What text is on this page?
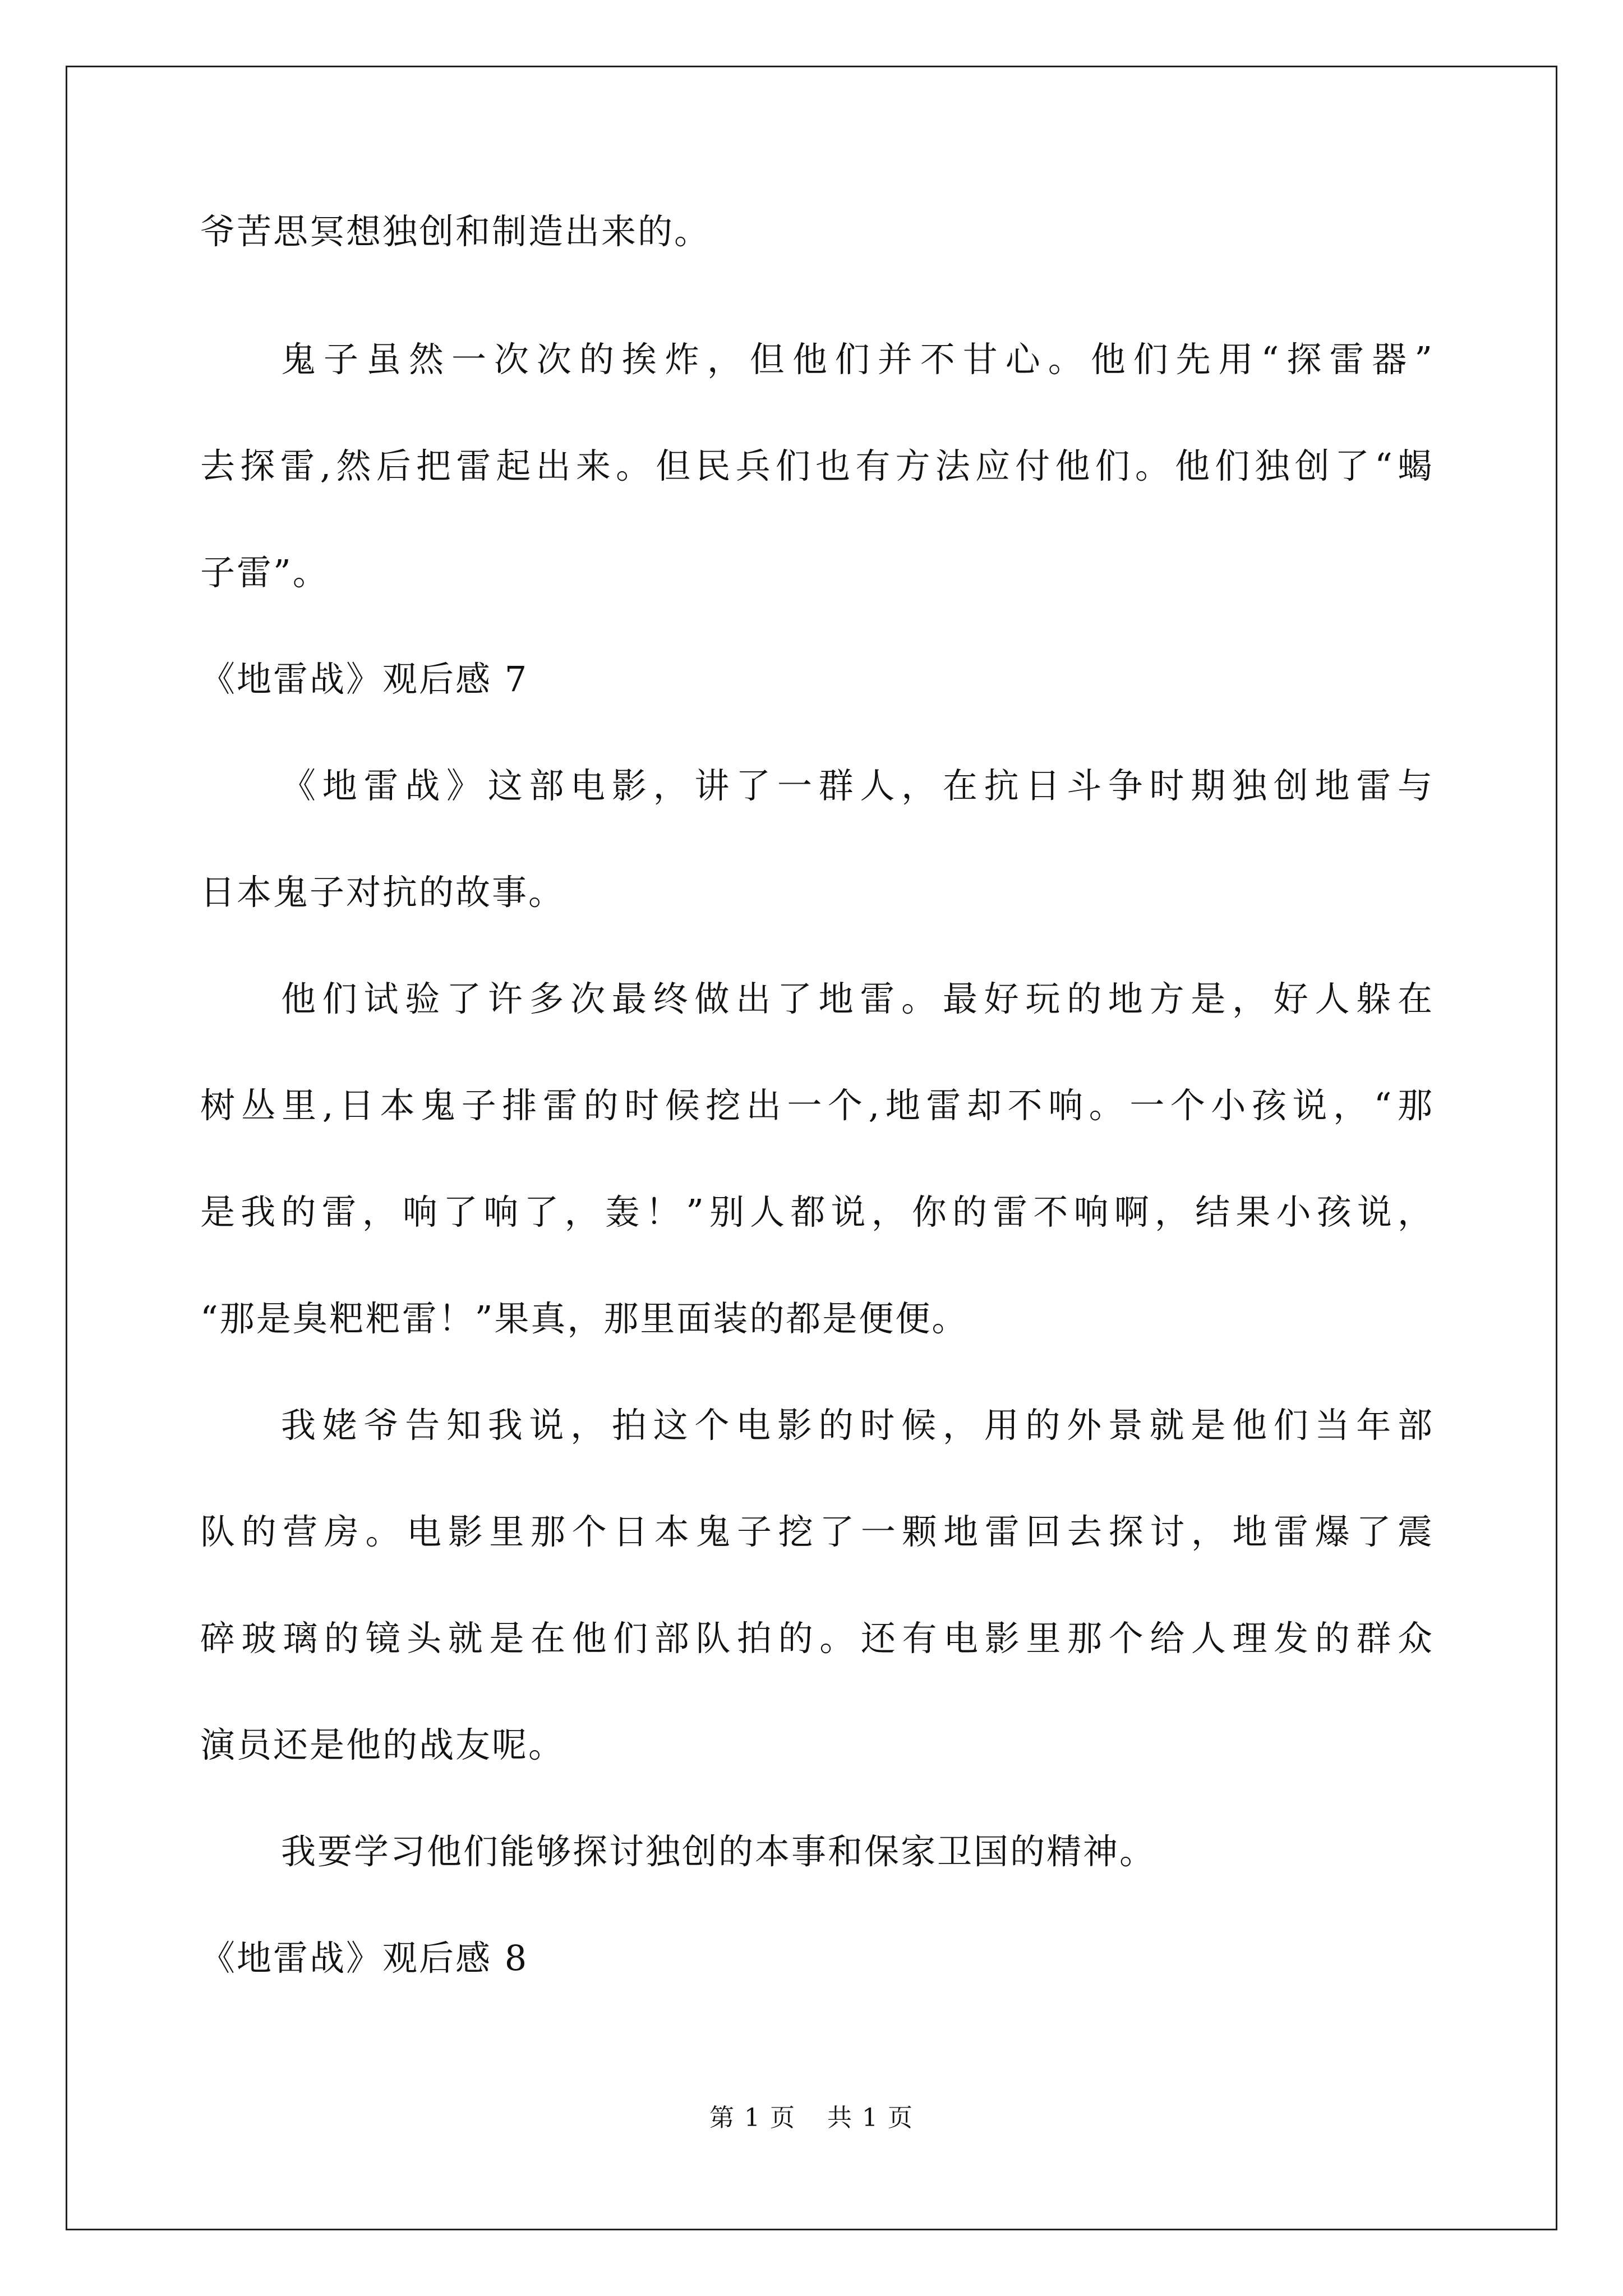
爷苦思冥想独创和制造出来的。
鬼子虽然一次次的挨炸，但他们并不甘心。他们先用“探雷器”
去探雷,然后把雷起出来。但民兵们也有方法应付他们。他们独创了“蝎
子雷”。
《地雷战》观后感 7
《地雷战》这部电影，讲了一群人，在抗日斗争时期独创地雷与
日本鬼子对抗的故事。
他们试验了许多次最终做出了地雷。最好玩的地方是，好人躲在
树丛里,日本鬼子排雷的时候挖出一个,地雷却不响。一个小孩说，“那
是我的雷，响了响了，轰！”别人都说，你的雷不响啊，结果小孩说，
“那是臭粑粑雷！”果真，那里面装的都是便便。
我姥爷告知我说，拍这个电影的时候，用的外景就是他们当年部
队的营房。电影里那个日本鬼子挖了一颗地雷回去探讨，地雷爆了震
碎玻璃的镜头就是在他们部队拍的。还有电影里那个给人理发的群众
演员还是他的战友呢。
我要学习他们能够探讨独创的本事和保家卫国的精神。
《地雷战》观后感 8
第 1 页 共 1 页
